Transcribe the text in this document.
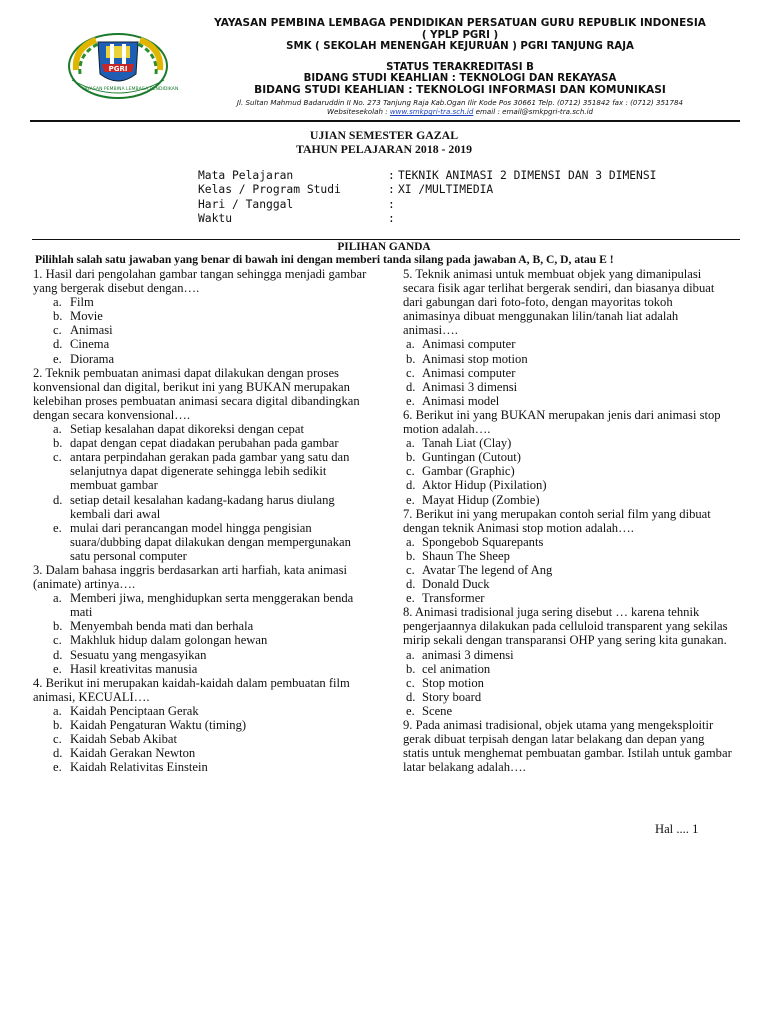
PGRI
YAYASAN PEMBINA LEMBAGA PENDIDIKAN
YAYASAN PEMBINA LEMBAGA PENDIDIKAN PERSATUAN GURU REPUBLIK INDONESIA
( YPLP PGRI )
SMK ( SEKOLAH MENENGAH KEJURUAN ) PGRI TANJUNG RAJA
STATUS TERAKREDITASI B
BIDANG STUDI KEAHLIAN : TEKNOLOGI DAN REKAYASA
BIDANG STUDI KEAHLIAN : TEKNOLOGI INFORMASI DAN KOMUNIKASI
Jl. Sultan Mahmud Badaruddin II No. 273 Tanjung Raja Kab.Ogan Ilir Kode Pos 30661 Telp. (0712) 351842 fax : (0712) 351784
Websitesekolah : www.smkpgri-tra.sch.id email : email@smkpgri-tra.sch.id
UJIAN SEMESTER GAZAL
TAHUN PELAJARAN 2018 - 2019
Mata Pelajaran	: TEKNIK ANIMASI 2 DIMENSI DAN 3 DIMENSI
Kelas / Program Studi	: XI /MULTIMEDIA
Hari / Tanggal	:
Waktu	:
PILIHAN GANDA
Pilihlah salah satu jawaban yang benar di bawah ini dengan memberi tanda silang pada jawaban A, B, C, D, atau E !
1. Hasil dari pengolahan gambar tangan sehingga menjadi gambar yang bergerak disebut dengan….
a. Film
b. Movie
c. Animasi
d. Cinema
e. Diorama
2. Teknik pembuatan animasi dapat dilakukan dengan proses konvensional dan digital, berikut ini yang BUKAN merupakan kelebihan proses pembuatan animasi secara digital dibandingkan dengan secara konvensional….
a. Setiap kesalahan dapat dikoreksi dengan cepat
b. dapat dengan cepat diadakan perubahan pada gambar
c. antara perpindahan gerakan pada gambar yang satu dan selanjutnya dapat digenerate sehingga lebih sedikit membuat gambar
d. setiap detail kesalahan kadang-kadang harus diulang kembali dari awal
e. mulai dari perancangan model hingga pengisian suara/dubbing dapat dilakukan dengan mempergunakan satu personal computer
3. Dalam bahasa inggris berdasarkan arti harfiah, kata animasi (animate) artinya….
a. Memberi jiwa, menghidupkan serta menggerakan benda mati
b. Menyembah benda mati dan berhala
c. Makhluk hidup dalam golongan hewan
d. Sesuatu yang mengasyikan
e. Hasil kreativitas manusia
4. Berikut ini merupakan kaidah-kaidah dalam pembuatan film animasi, KECUALI….
a. Kaidah Penciptaan Gerak
b. Kaidah Pengaturan Waktu (timing)
c. Kaidah Sebab Akibat
d. Kaidah Gerakan Newton
e. Kaidah Relativitas Einstein
5. Teknik animasi untuk membuat objek yang dimanipulasi secara fisik agar terlihat bergerak sendiri, dan biasanya dibuat dari gabungan dari foto-foto, dengan mayoritas tokoh animasinya dibuat menggunakan lilin/tanah liat adalah animasi….
a. Animasi computer
b. Animasi stop motion
c. Animasi computer
d. Animasi 3 dimensi
e. Animasi model
6. Berikut ini yang BUKAN merupakan jenis dari animasi stop motion adalah….
a. Tanah Liat (Clay)
b. Guntingan (Cutout)
c. Gambar (Graphic)
d. Aktor Hidup (Pixilation)
e. Mayat Hidup (Zombie)
7. Berikut ini yang merupakan contoh serial film yang dibuat dengan teknik Animasi stop motion adalah….
a. Spongebob Squarepants
b. Shaun The Sheep
c. Avatar The legend of Ang
d. Donald Duck
e. Transformer
8. Animasi tradisional juga sering disebut … karena tehnik pengerjaannya dilakukan pada celluloid transparent yang sekilas mirip sekali dengan transparansi OHP yang sering kita gunakan.
a. animasi 3 dimensi
b. cel animation
c. Stop motion
d. Story board
e. Scene
9. Pada animasi tradisional, objek utama yang mengeksploitir gerak dibuat terpisah dengan latar belakang dan depan yang statis untuk menghemat pembuatan gambar. Istilah untuk gambar latar belakang adalah….
Hal .... 1
